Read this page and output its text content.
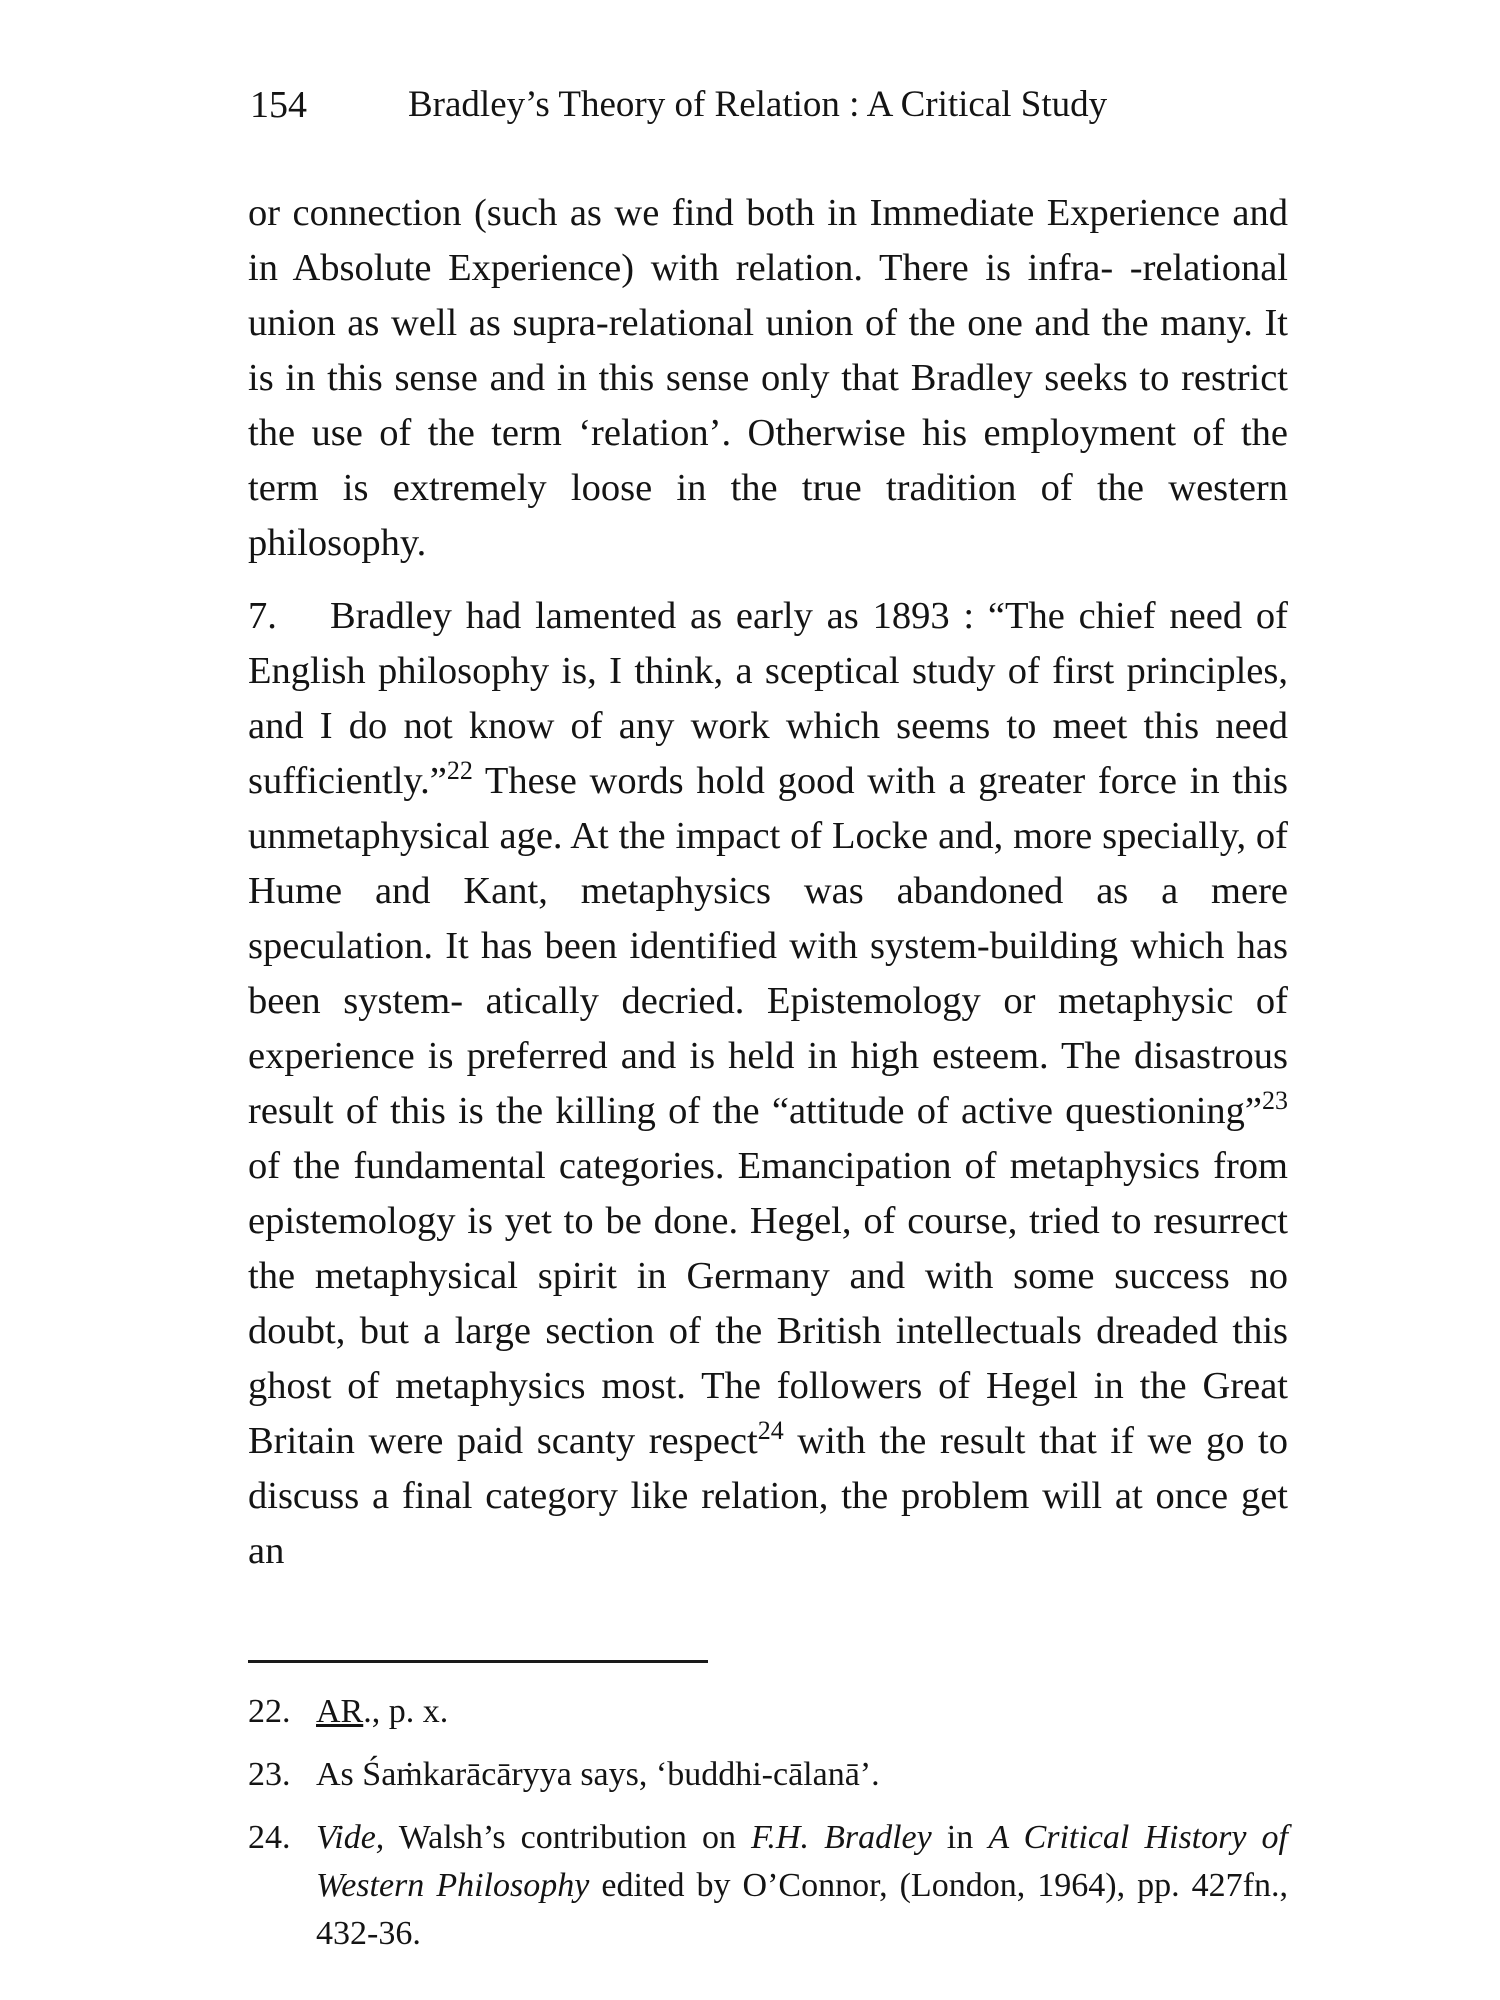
154	Bradley’s Theory of Relation : A Critical Study

or connection (such as we find both in Immediate Experience and in Absolute Experience) with relation. There is infra- -relational union as well as supra-relational union of the one and the many. It is in this sense and in this sense only that Bradley seeks to restrict the use of the term ‘relation’. Otherwise his employment of the term is extremely loose in the true tradition of the western philosophy.

7. Bradley had lamented as early as 1893 : “The chief need of English philosophy is, I think, a sceptical study of first principles, and I do not know of any work which seems to meet this need sufficiently.”$^{22}$ These words hold good with a greater force in this unmetaphysical age. At the impact of Locke and, more specially, of Hume and Kant, metaphysics was abandoned as a mere speculation. It has been identified with system-building which has been system- atically decried. Epistemology or metaphysic of experience is preferred and is held in high esteem. The disastrous result of this is the killing of the “attitude of active questioning”$^{23}$ of the fundamental categories. Emancipation of metaphysics from epistemology is yet to be done. Hegel, of course, tried to resurrect the metaphysical spirit in Germany and with some success no doubt, but a large section of the British intellectuals dreaded this ghost of metaphysics most. The followers of Hegel in the Great Britain were paid scanty respect$^{24}$ with the result that if we go to discuss a final category like relation, the problem will at once get an

22. AR., p. x.
23. As Śaṁkarācāryya says, ‘buddhi-cālanā’.
24. Vide, Walsh’s contribution on F.H. Bradley in A Critical History of Western Philosophy edited by O’Connor, (London, 1964), pp. 427fn., 432-36.
